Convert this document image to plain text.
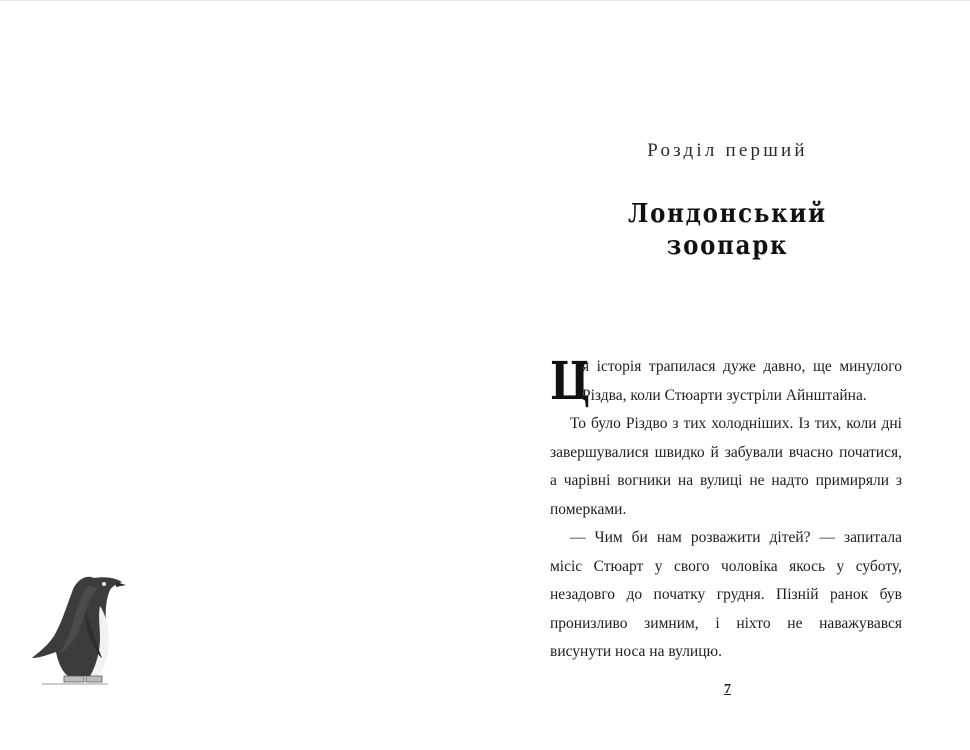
Розділ перший
Лондонський
зоопарк
7

Ц
я історія трапилася дуже давно, ще минулого Різдва, коли Стюарти зустріли Айнштайна.

То було Різдво з тих холодніших. Із тих, коли дні завершувалися швидко й забували вчасно початися, а чарівні вогники на вулиці не надто примиряли з померками.

— Чим би нам розважити дітей? — запитала місіс Стюарт у свого чоловіка якось у суботу, незадовго до початку грудня. Пізній ранок був пронизливо зимним, і ніхто не наважувався висунути носа на вулицю.
